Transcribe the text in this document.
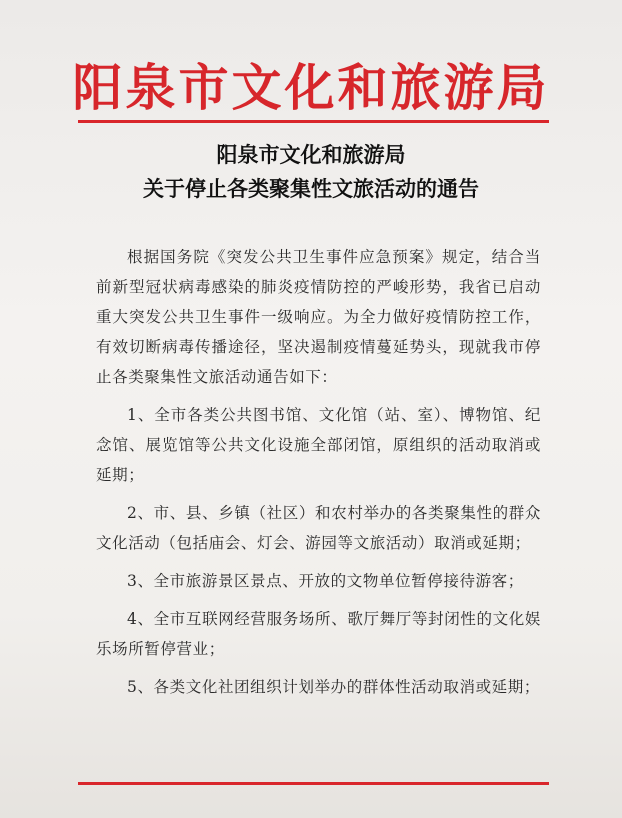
阳泉市文化和旅游局
阳泉市文化和旅游局
关于停止各类聚集性文旅活动的通告

根据国务院《突发公共卫生事件应急预案》规定，结合当前新型冠状病毒感染的肺炎疫情防控的严峻形势，我省已启动重大突发公共卫生事件一级响应。为全力做好疫情防控工作，有效切断病毒传播途径，坚决遏制疫情蔓延势头，现就我市停止各类聚集性文旅活动通告如下：

1、全市各类公共图书馆、文化馆（站、室）、博物馆、纪念馆、展览馆等公共文化设施全部闭馆，原组织的活动取消或延期；

2、市、县、乡镇（社区）和农村举办的各类聚集性的群众文化活动（包括庙会、灯会、游园等文旅活动）取消或延期；

3、全市旅游景区景点、开放的文物单位暂停接待游客；

4、全市互联网经营服务场所、歌厅舞厅等封闭性的文化娱乐场所暂停营业；

5、各类文化社团组织计划举办的群体性活动取消或延期；
